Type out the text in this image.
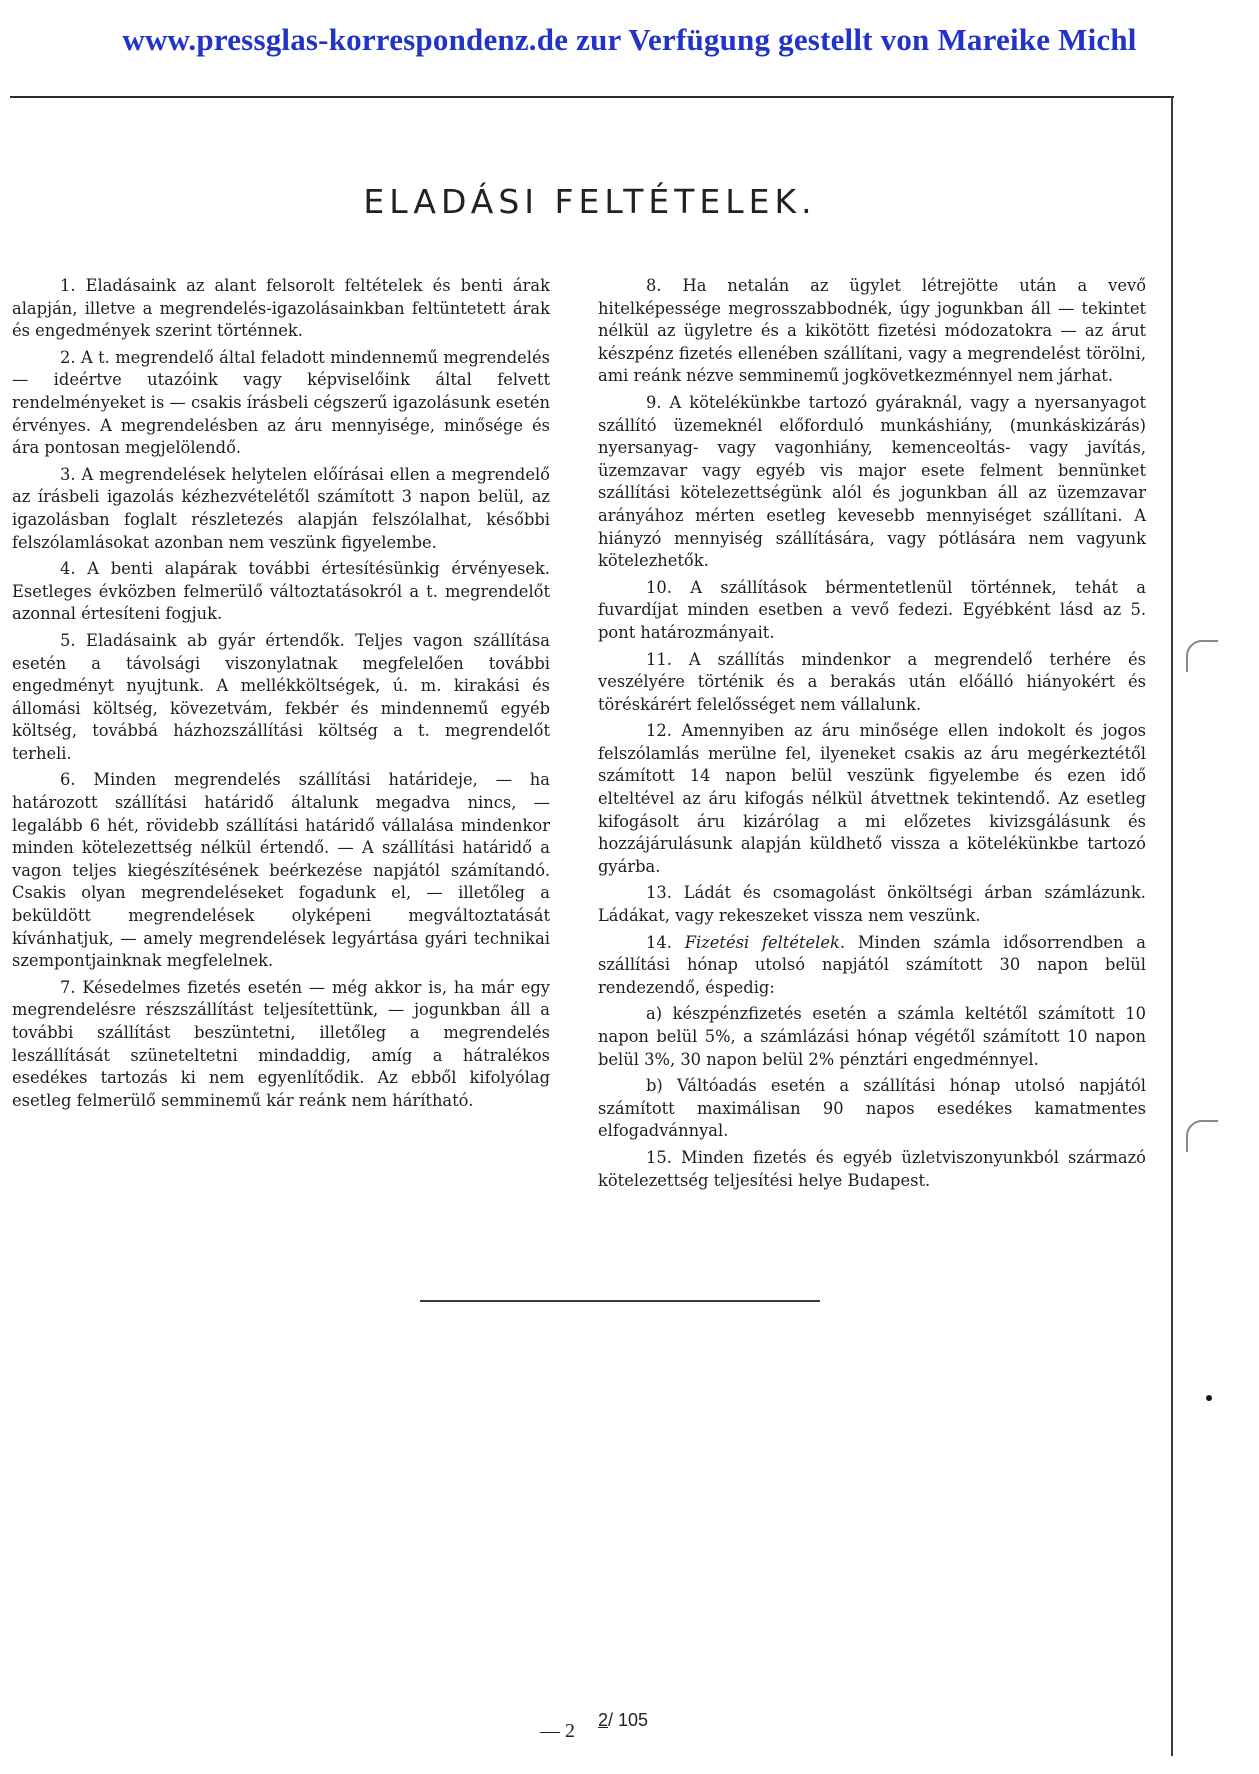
www.pressglas-korrespondenz.de zur Verfügung gestellt von Mareike Michl
ELADÁSI FELTÉTELEK.

1. Eladásaink az alant felsorolt feltételek és benti árak alapján, illetve a megrendelés-igazolásainkban feltüntetett árak és engedmények szerint történnek.

2. A t. megrendelő által feladott mindennemű megrendelés — ideértve utazóink vagy képviselőink által felvett rendelményeket is — csakis írásbeli cégszerű igazolásunk esetén érvényes. A megrendelésben az áru mennyisége, minősége és ára pontosan megjelölendő.

3. A megrendelések helytelen előírásai ellen a megrendelő az írásbeli igazolás kézhezvételétől számított 3 napon belül, az igazolásban foglalt részletezés alapján felszólalhat, későbbi felszólamlásokat azonban nem veszünk figyelembe.

4. A benti alapárak további értesítésünkig érvényesek. Esetleges évközben felmerülő változtatásokról a t. megrendelőt azonnal értesíteni fogjuk.

5. Eladásaink ab gyár értendők. Teljes vagon szállítása esetén a távolsági viszonylatnak megfelelően további engedményt nyujtunk. A mellékköltségek, ú. m. kirakási és állomási költség, kövezetvám, fekbér és mindennemű egyéb költség, továbbá házhozszállítási költség a t. megrendelőt terheli.

6. Minden megrendelés szállítási határideje, — ha határozott szállítási határidő általunk megadva nincs, — legalább 6 hét, rövidebb szállítási határidő vállalása mindenkor minden kötelezettség nélkül értendő. — A szállítási határidő a vagon teljes kiegészítésének beérkezése napjától számítandó. Csakis olyan megrendeléseket fogadunk el, — illetőleg a beküldött megrendelések olyképeni megváltoztatását kívánhatjuk, — amely megrendelések legyártása gyári technikai szempontjainknak megfelelnek.

7. Késedelmes fizetés esetén — még akkor is, ha már egy megrendelésre részszállítást teljesítettünk, — jogunkban áll a további szállítást beszüntetni, illetőleg a megrendelés leszállítását szüneteltetni mindaddig, amíg a hátralékos esedékes tartozás ki nem egyenlítődik. Az ebből kifolyólag esetleg felmerülő semminemű kár reánk nem hárítható.

8. Ha netalán az ügylet létrejötte után a vevő hitelképessége megrosszabbodnék, úgy jogunkban áll — tekintet nélkül az ügyletre és a kikötött fizetési módozatokra — az árut készpénz fizetés ellenében szállítani, vagy a megrendelést törölni, ami reánk nézve semminemű jogkövetkezménnyel nem járhat.

9. A kötelékünkbe tartozó gyáraknál, vagy a nyersanyagot szállító üzemeknél előforduló munkáshiány, (munkáskizárás) nyersanyag- vagy vagonhiány, kemenceoltás- vagy javítás, üzemzavar vagy egyéb vis major esete felment bennünket szállítási kötelezettségünk alól és jogunkban áll az üzemzavar arányához mérten esetleg kevesebb mennyiséget szállítani. A hiányzó mennyiség szállítására, vagy pótlására nem vagyunk kötelezhetők.

10. A szállítások bérmentetlenül történnek, tehát a fuvardíjat minden esetben a vevő fedezi. Egyébként lásd az 5. pont határozmányait.

11. A szállítás mindenkor a megrendelő terhére és veszélyére történik és a berakás után előálló hiányokért és töréskárért felelősséget nem vállalunk.

12. Amennyiben az áru minősége ellen indokolt és jogos felszólamlás merülne fel, ilyeneket csakis az áru megérkeztétől számított 14 napon belül veszünk figyelembe és ezen idő elteltével az áru kifogás nélkül átvettnek tekintendő. Az esetleg kifogásolt áru kizárólag a mi előzetes kivizsgálásunk és hozzájárulásunk alapján küldhető vissza a kötelékünkbe tartozó gyárba.

13. Ládát és csomagolást önköltségi árban számlázunk. Ládákat, vagy rekeszeket vissza nem veszünk.

14. Fizetési feltételek. Minden számla idősorrendben a szállítási hónap utolsó napjától számított 30 napon belül rendezendő, éspedig:

a) készpénzfizetés esetén a számla keltétől számított 10 napon belül 5%, a számlázási hónap végétől számított 10 napon belül 3%, 30 napon belül 2% pénztári engedménnyel.

b) Váltóadás esetén a szállítási hónap utolsó napjától számított maximálisan 90 napos esedékes kamatmentes elfogadvánnyal.

15. Minden fizetés és egyéb üzletviszonyunkból származó kötelezettség teljesítési helye Budapest.

— 2 2/ 105
